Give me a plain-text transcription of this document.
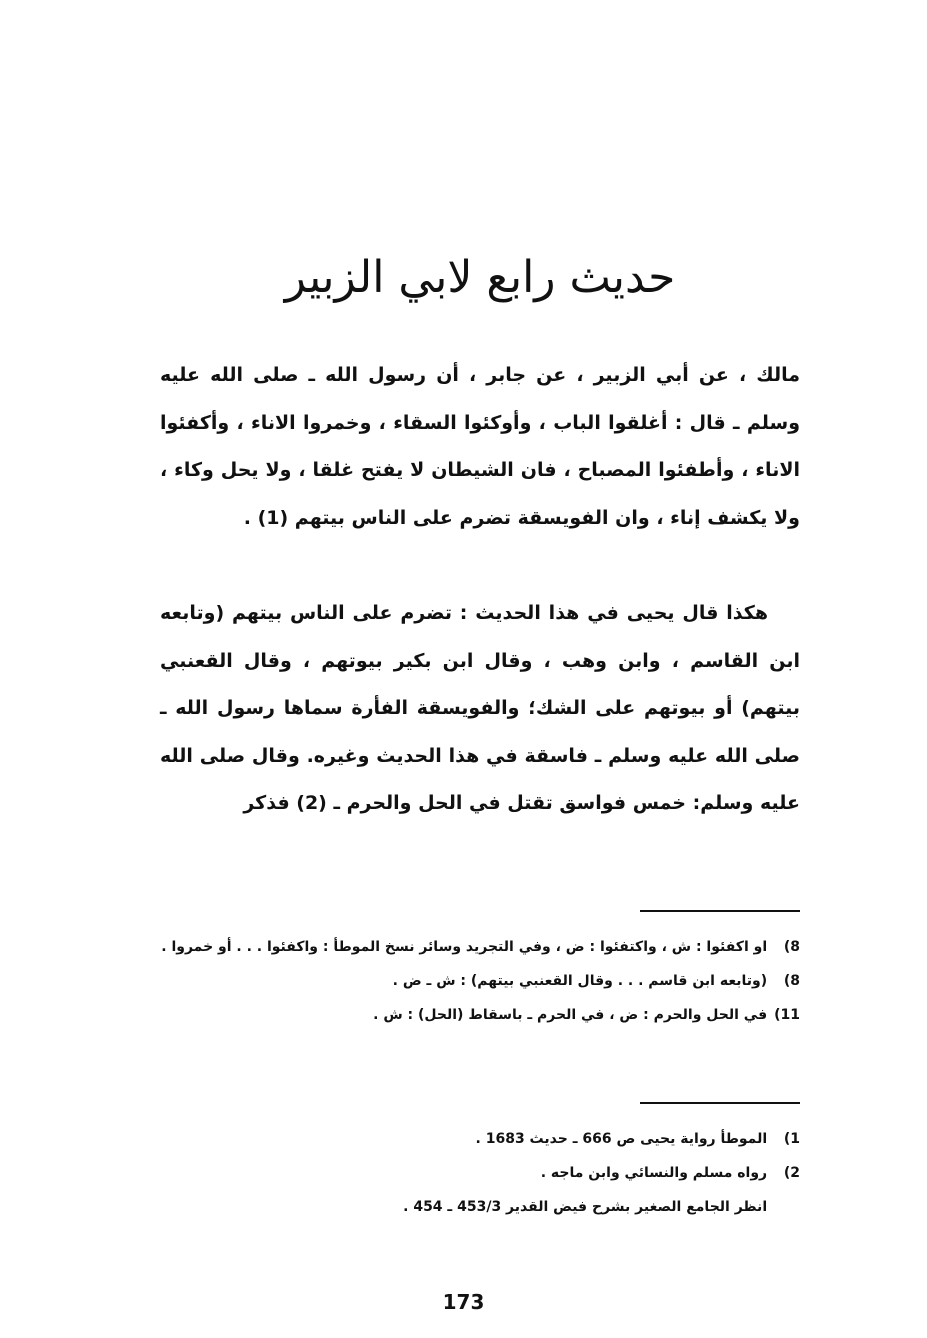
حديث رابع لابي الزبير

مالك ، عن أبي الزبير ، عن جابر ، أن رسول الله ـ صلى الله عليه وسلم ـ قال : أغلقوا الباب ، وأوكئوا السقاء ، وخمروا الاناء ، وأكفئوا الاناء ، وأطفئوا المصباح ، فان الشيطان لا يفتح غلقا ، ولا يحل وكاء ، ولا يكشف إناء ، وان الفويسقة تضرم على الناس بيتهم (1) .

هكذا قال يحيى في هذا الحديث : تضرم على الناس بيتهم (وتابعه ابن القاسم ، وابن وهب ، وقال ابن بكير بيوتهم ، وقال القعنبي بيتهم) أو بيوتهم على الشك؛ والفويسقة الفأرة سماها رسول الله ـ صلى الله عليه وسلم ـ فاسقة في هذا الحديث وغيره. وقال صلى الله عليه وسلم: خمس فواسق تقتل في الحل والحرم ـ (2) فذكر

8) او اكفئوا : ش ، واكتفئوا : ض ، وفي التجريد وسائر نسخ الموطأ : واكفئوا . . . أو خمروا .
8) (وتابعه ابن قاسم . . . وقال القعنبي بيتهم) : ش ـ ض .
11) في الحل والحرم : ض ، في الحرم ـ باسقاط (الحل) : ش .
1) الموطأ رواية يحيى ص 666 ـ حديث 1683 .
2) رواه مسلم والنسائي وابن ماجه .
انظر الجامع الصغير بشرح فيض القدير 453/3 ـ 454 .
173
